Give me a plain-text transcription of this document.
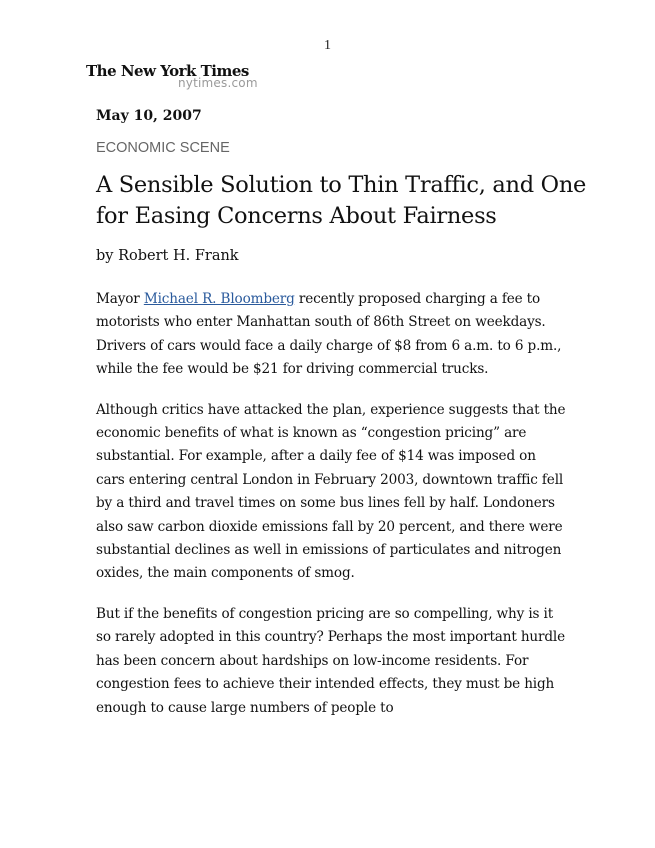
1
The New York Times
nytimes.com
May 10, 2007
ECONOMIC SCENE
A Sensible Solution to Thin Traffic, and One for Easing Concerns About Fairness
by Robert H. Frank

Mayor Michael R. Bloomberg recently proposed charging a fee to motorists who enter Manhattan south of 86th Street on weekdays. Drivers of cars would face a daily charge of $8 from 6 a.m. to 6 p.m., while the fee would be $21 for driving commercial trucks.

Although critics have attacked the plan, experience suggests that the economic benefits of what is known as “congestion pricing” are substantial. For example, after a daily fee of $14 was imposed on cars entering central London in February 2003, downtown traffic fell by a third and travel times on some bus lines fell by half. Londoners also saw carbon dioxide emissions fall by 20 percent, and there were substantial declines as well in emissions of particulates and nitrogen oxides, the main components of smog.

But if the benefits of congestion pricing are so compelling, why is it so rarely adopted in this country? Perhaps the most important hurdle has been concern about hardships on low-income residents. For congestion fees to achieve their intended effects, they must be high enough to cause large numbers of people to
